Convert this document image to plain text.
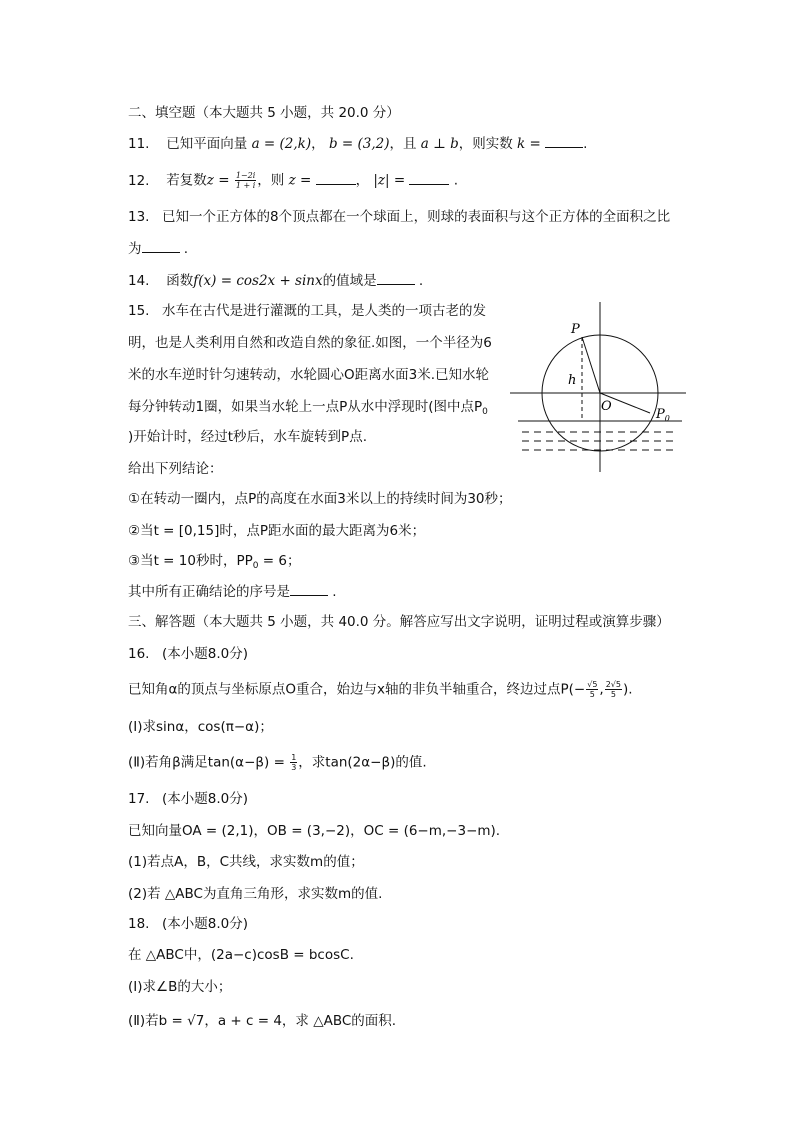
二、填空题（本大题共 5 小题，共 20.0 分）
11. 已知平面向量 a = (2,k)， b = (3,2)，且 a ⊥ b，则实数 k =	.
12. 若复数$z = \frac{1-2i}{1 + i}$ ，则 z =	， |z| =	.
13. 已知一个正方体的8个顶点都在一个球面上，则球的表面积与这个正方体的全面积之比
为	.
14. 函数f(x) = cos2x + sinx的值域是	.
15. 水车在古代是进行灌溉的工具，是人类的一项古老的发
明，也是人类利用自然和改造自然的象征.如图，一个半径为6
米的水车逆时针匀速转动，水轮圆心O距离水面3米.已知水轮
每分钟转动1圈，如果当水轮上一点P从水中浮现时(图中点$P_0$
)开始计时，经过t秒后，水车旋转到P点.
给出下列结论：
①在转动一圈内，点P的高度在水面3米以上的持续时间为30秒；
②当t = [0,15]时，点P距水面的最大距离为6米；
③当t = 10秒时，$PP_0 = 6$；
其中所有正确结论的序号是	.
P
h
O
$P_0$
三、解答题（本大题共 5 小题，共 40.0 分。解答应写出文字说明，证明过程或演算步骤）
16. (本小题8.0分)
已知角α的顶点与坐标原点O重合，始边与x轴的非负半轴重合，终边过点$P(- \frac{√5}{5}$ , $\frac{2√5}{5}$ ).
(Ⅰ)求sinα，cos(π−α)；
(Ⅱ)若角β满足$\tan(\alpha-\beta) = \frac{1}{3}$ ，求tan(2α−β)的值.
17. (本小题8.0分)
已知向量OA = (2,1)，OB = (3,−2)，OC = (6−m,−3−m).
(1)若点A，B，C共线，求实数m的值；
(2)若 △ABC为直角三角形，求实数m的值.
18. (本小题8.0分)
在 △ABC中，(2a−c)cosB = bcosC.
(Ⅰ)求∠B的大小；
(Ⅱ)若b = √7，a + c = 4，求 △ABC的面积.
